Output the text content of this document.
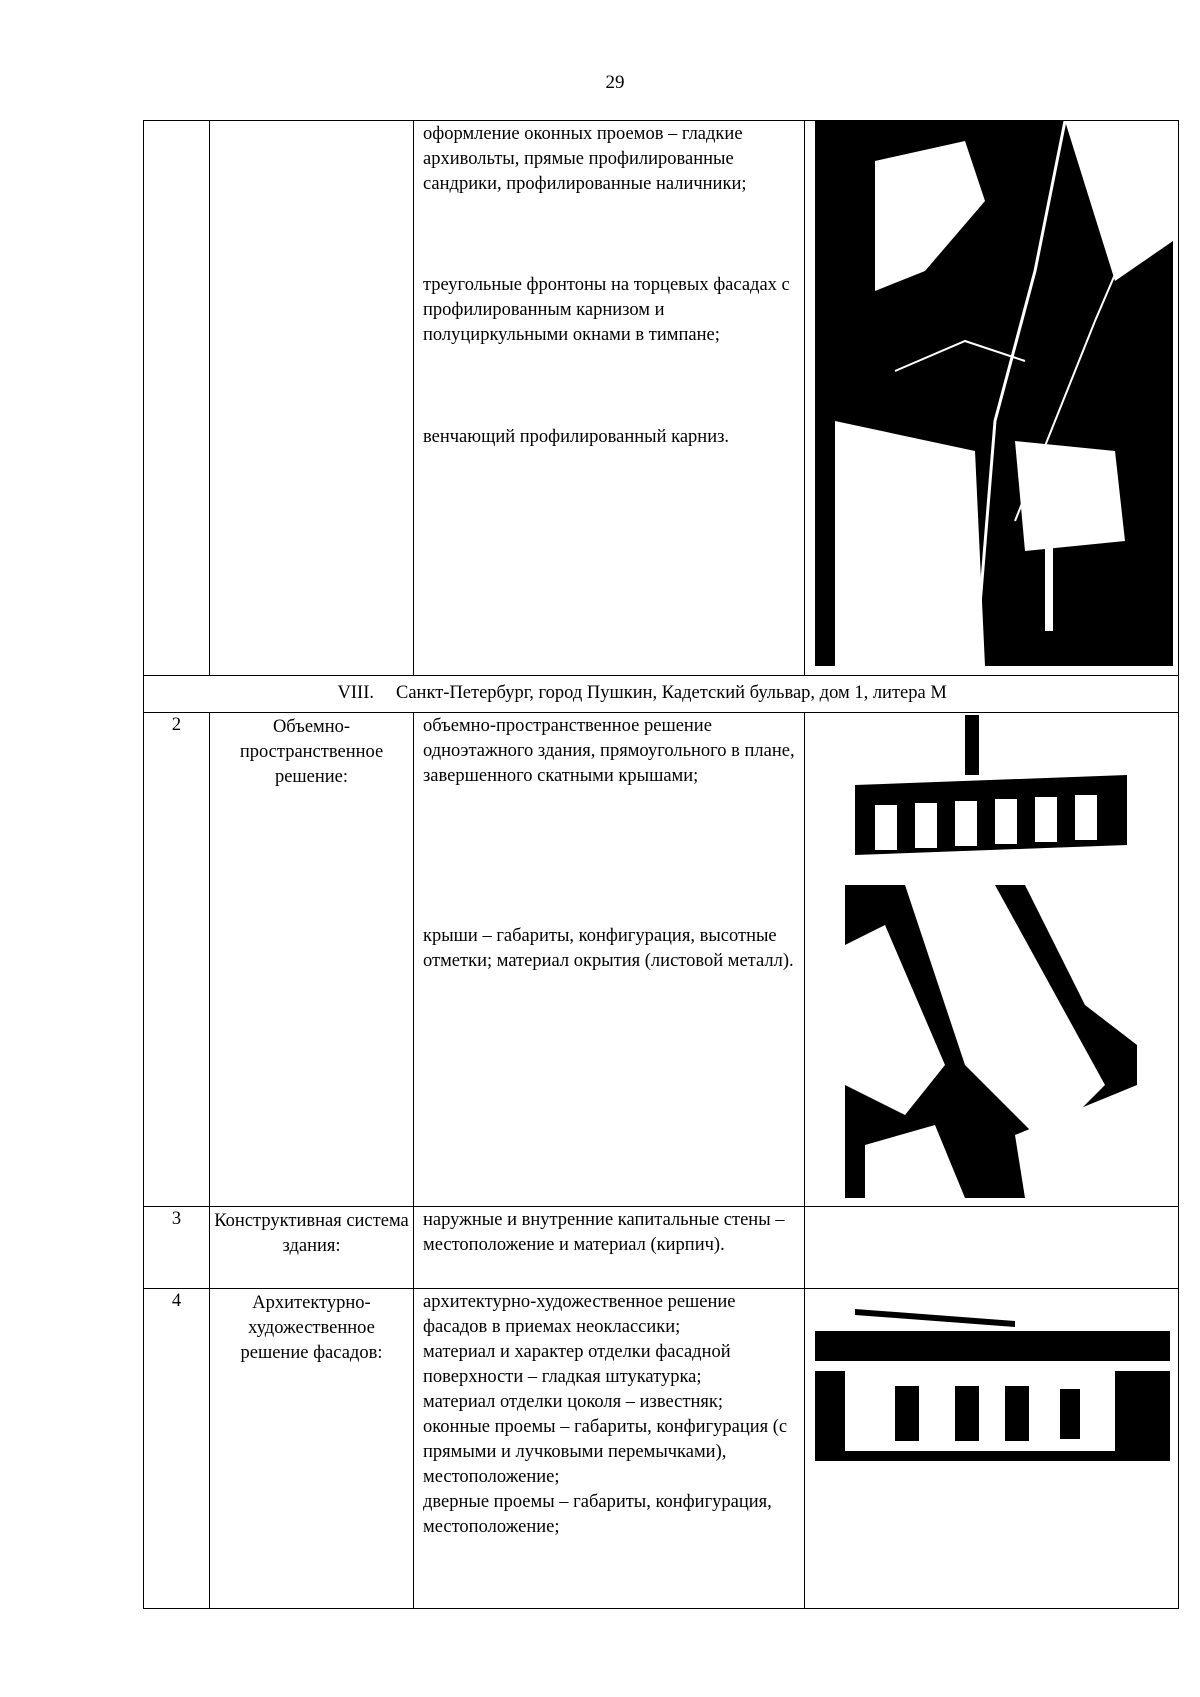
29

		оформление оконных проемов – гладкие архивольты, прямые профилированные сандрики, профилированные наличники;

треугольные фронтоны на торцевых фасадах с профилированным карнизом и полуциркульными окнами в тимпане;

венчающий профилированный карниз.

VIII. Санкт-Петербург, город Пушкин, Кадетский бульвар, дом 1, литера М			
2	Объемно-пространственное решение:	объемно-пространственное решение одноэтажного здания, прямоугольного в плане, завершенного скатными крышами;

крыши – габариты, конфигурация, высотные отметки; материал окрытия (листовой металл).

3	Конструктивная система здания:	наружные и внутренние капитальные стены – местоположение и материал (кирпич).	

4	Архитектурно-художественное решение фасадов:	архитектурно-художественное решение фасадов в приемах неоклассики;

материал и характер отделки фасадной поверхности – гладкая штукатурка;

материал отделки цоколя – известняк;

оконные проемы – габариты, конфигурация (с прямыми и лучковыми перемычками), местоположение;

дверные проемы – габариты, конфигурация, местоположение;
